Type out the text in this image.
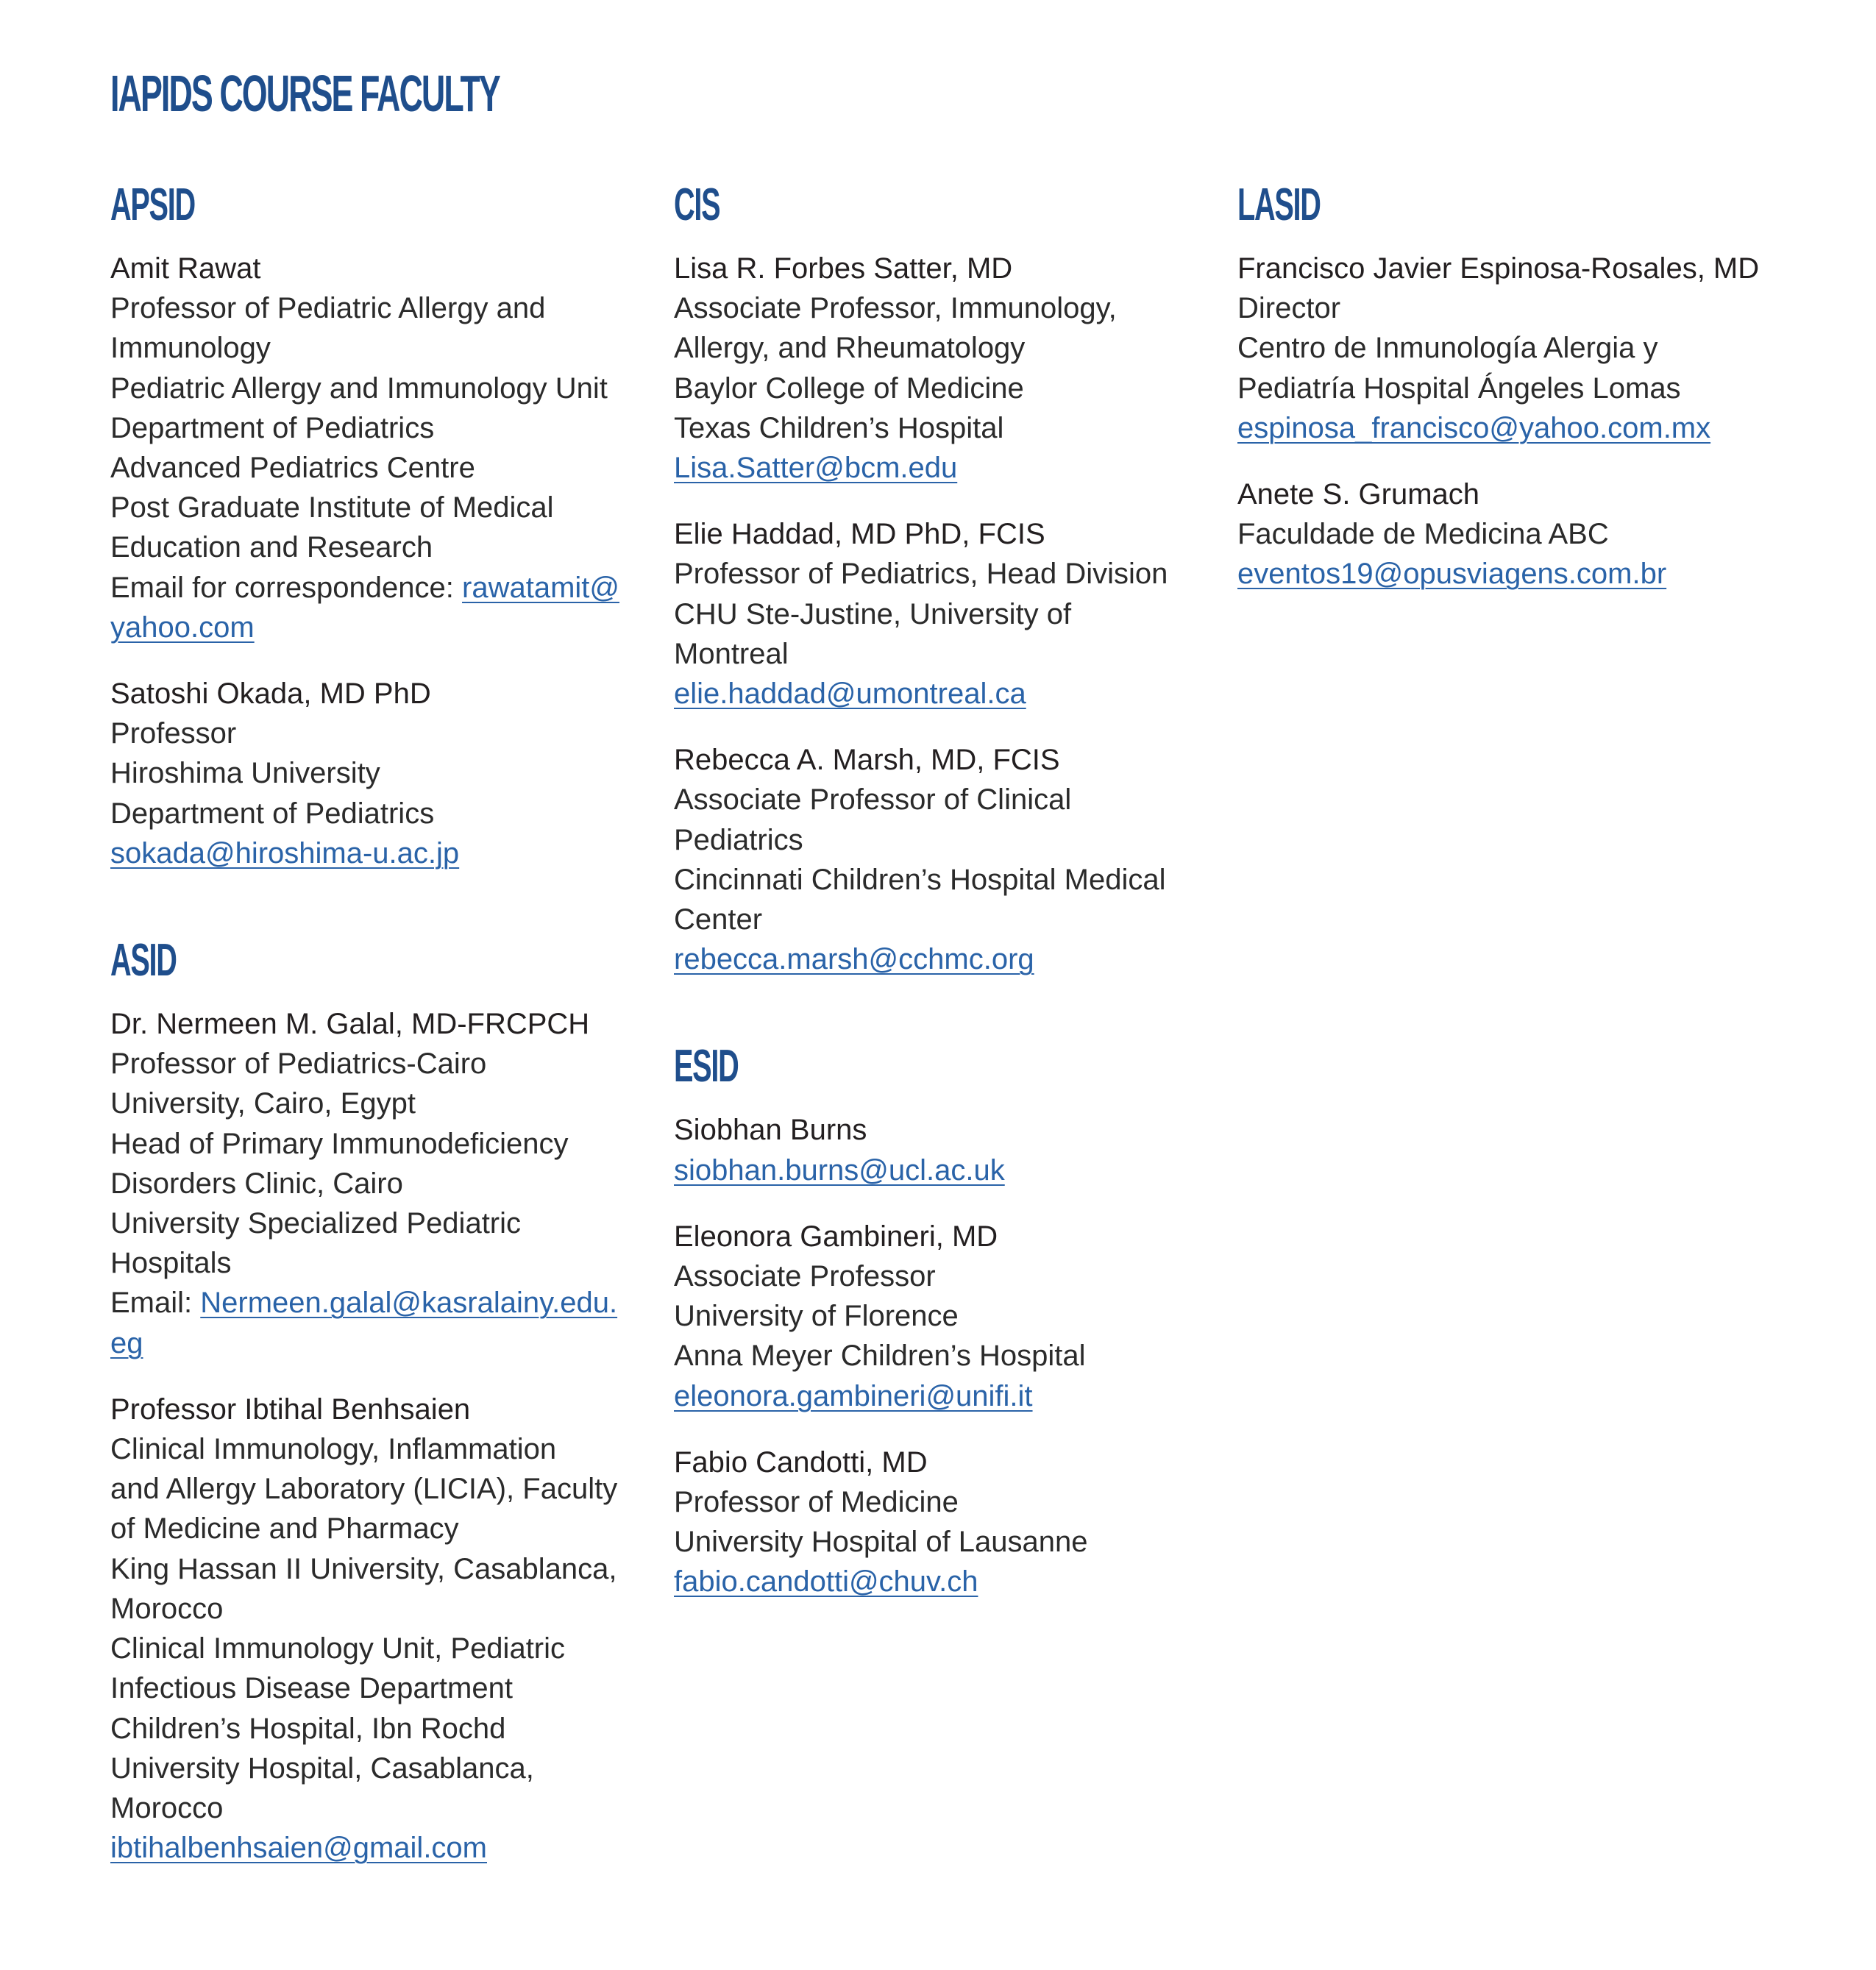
IAPIDS COURSE FACULTY
APSID
Amit Rawat
Professor of Pediatric Allergy and
Immunology
Pediatric Allergy and Immunology Unit
Department of Pediatrics
Advanced Pediatrics Centre
Post Graduate Institute of Medical
Education and Research
Email for correspondence: rawatamit@
yahoo.com
Satoshi Okada, MD PhD
Professor
Hiroshima University
Department of Pediatrics
sokada@hiroshima-u.ac.jp
ASID
Dr. Nermeen M. Galal, MD-FRCPCH
Professor of Pediatrics-Cairo
University, Cairo, Egypt
Head of Primary Immunodeficiency
Disorders Clinic, Cairo
University Specialized Pediatric
Hospitals
Email: Nermeen.galal@kasralainy.edu.
eg
Professor Ibtihal Benhsaien
Clinical Immunology, Inflammation
and Allergy Laboratory (LICIA), Faculty
of Medicine and Pharmacy
King Hassan II University, Casablanca,
Morocco
Clinical Immunology Unit, Pediatric
Infectious Disease Department
Children’s Hospital, Ibn Rochd
University Hospital, Casablanca,
Morocco
ibtihalbenhsaien@gmail.com
CIS
Lisa R. Forbes Satter, MD
Associate Professor, Immunology,
Allergy, and Rheumatology
Baylor College of Medicine
Texas Children’s Hospital
Lisa.Satter@bcm.edu
Elie Haddad, MD PhD, FCIS
Professor of Pediatrics, Head Division
CHU Ste-Justine, University of
Montreal
elie.haddad@umontreal.ca
Rebecca A. Marsh, MD, FCIS
Associate Professor of Clinical
Pediatrics
Cincinnati Children’s Hospital Medical
Center
rebecca.marsh@cchmc.org
ESID
Siobhan Burns
siobhan.burns@ucl.ac.uk
Eleonora Gambineri, MD
Associate Professor
University of Florence
Anna Meyer Children’s Hospital
eleonora.gambineri@unifi.it
Fabio Candotti, MD
Professor of Medicine
University Hospital of Lausanne
fabio.candotti@chuv.ch
LASID
Francisco Javier Espinosa-Rosales, MD
Director
Centro de Inmunología Alergia y
Pediatría Hospital Ángeles Lomas
espinosa_francisco@yahoo.com.mx
Anete S. Grumach
Faculdade de Medicina ABC
eventos19@opusviagens.com.br
